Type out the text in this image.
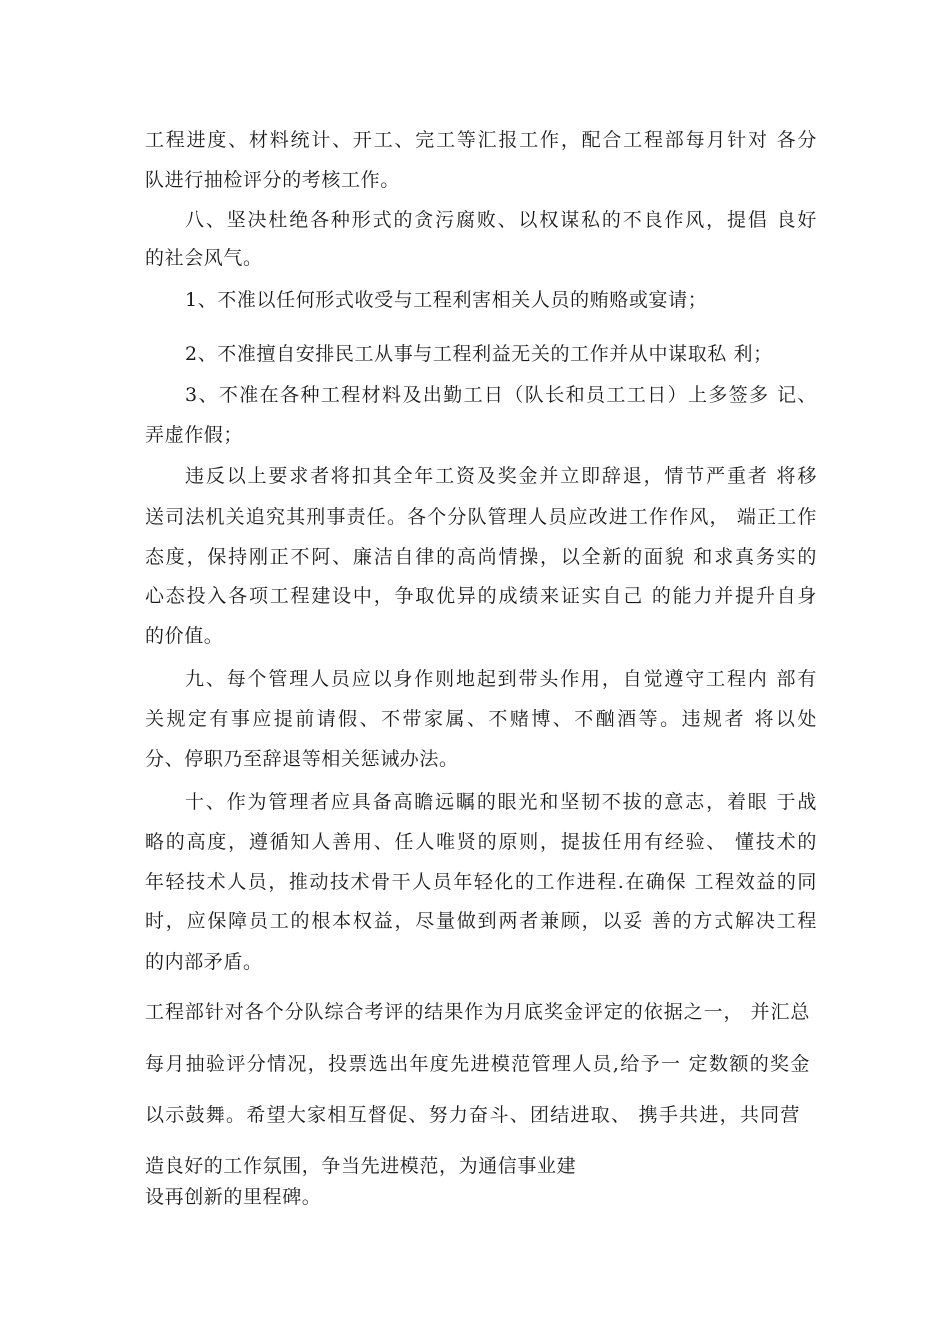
工程进度、材料统计、开工、完工等汇报工作，配合工程部每月针对 各分

队进行抽检评分的考核工作。

八、坚决杜绝各种形式的贪污腐败、以权谋私的不良作风，提倡 良好

的社会风气。

1、不准以任何形式收受与工程利害相关人员的贿赂或宴请；

2、不准擅自安排民工从事与工程利益无关的工作并从中谋取私 利；

3、不准在各种工程材料及出勤工日（队长和员工工日）上多签多 记、

弄虚作假；

违反以上要求者将扣其全年工资及奖金并立即辞退，情节严重者 将移

送司法机关追究其刑事责任。各个分队管理人员应改进工作作风， 端正工作

态度，保持刚正不阿、廉洁自律的高尚情操，以全新的面貌 和求真务实的

心态投入各项工程建设中，争取优异的成绩来证实自己 的能力并提升自身

的价值。

九、每个管理人员应以身作则地起到带头作用，自觉遵守工程内 部有

关规定有事应提前请假、不带家属、不赌博、不酗酒等。违规者 将以处

分、停职乃至辞退等相关惩诫办法。

十、作为管理者应具备高瞻远瞩的眼光和坚韧不拔的意志，着眼 于战

略的高度，遵循知人善用、任人唯贤的原则，提拔任用有经验、 懂技术的

年轻技术人员，推动技术骨干人员年轻化的工作进程.在确保 工程效益的同

时，应保障员工的根本权益，尽量做到两者兼顾，以妥 善的方式解决工程

的内部矛盾。

工程部针对各个分队综合考评的结果作为月底奖金评定的依据之一， 并汇总

每月抽验评分情况，投票选出年度先进模范管理人员,给予一 定数额的奖金

以示鼓舞。希望大家相互督促、努力奋斗、团结进取、 携手共进，共同营

造良好的工作氛围，争当先进模范，为通信事业建

设再创新的里程碑。
